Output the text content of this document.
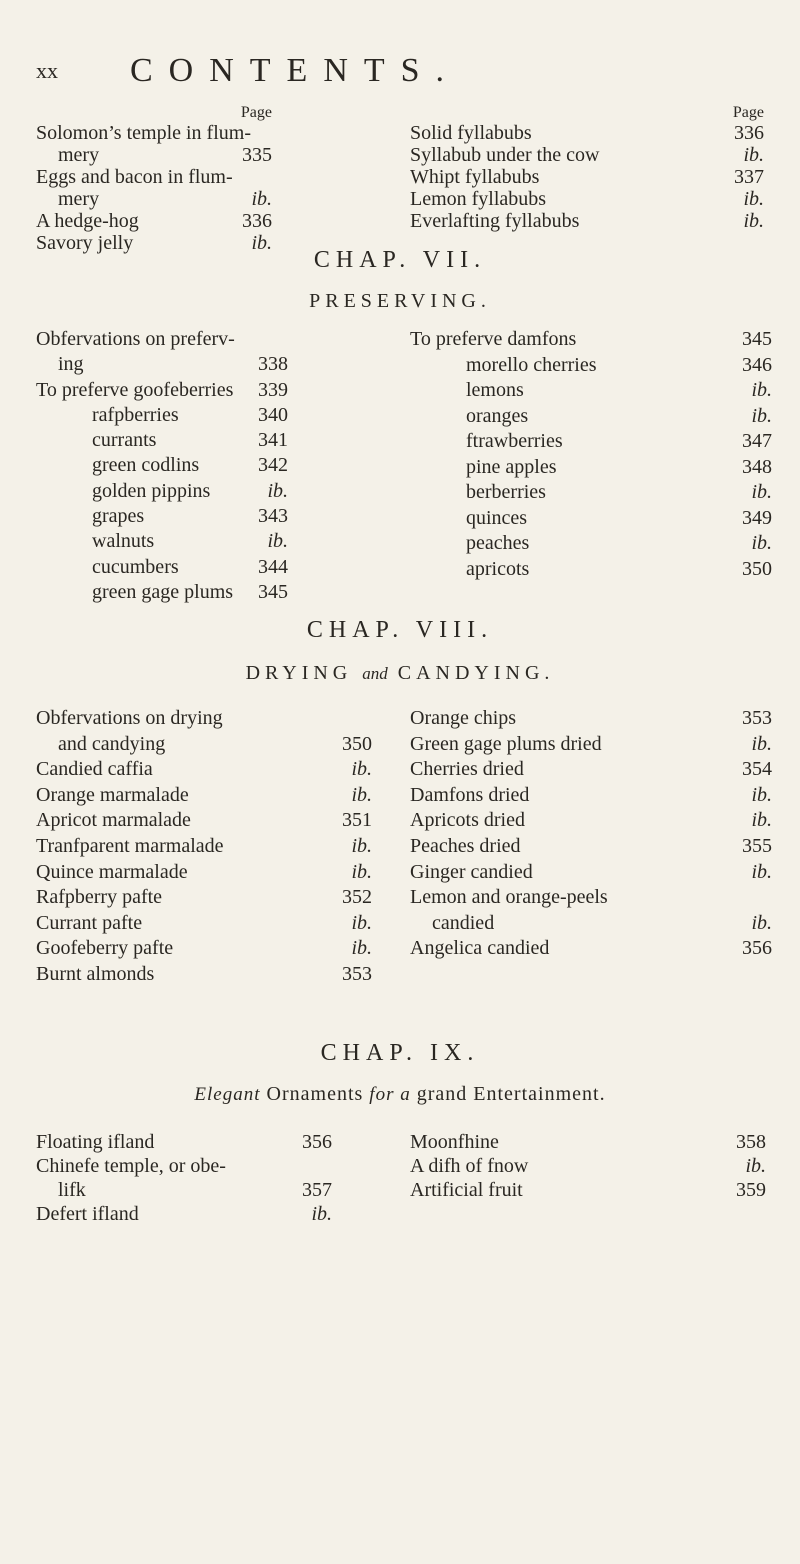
xx CONTENTS.
Page
Solomon’s temple in flum-
mery	335
Eggs and bacon in flum-
mery	ib.
A hedge-hog	336
Savory jelly	ib.
Page
Solid fyllabubs	336
Syllabub under the cow	ib.
Whipt fyllabubs	337
Lemon fyllabubs	ib.
Everlafting fyllabubs	ib.
CHAP. VII.
PRESERVING.
Obfervations on preferv-
ing	338
To preferve goofeberries 339
rafpberries	340
currants	341
green codlins	342
golden pippins	ib.
grapes	343
walnuts	ib.
cucumbers	344
green gage plums 345
To preferve damfons	345
morello cherries	346
lemons	ib.
oranges	ib.
ftrawberries	347
pine apples	348
berberries	ib.
quinces	349
peaches	ib.
apricots	350
CHAP. VIII.
DRYING and CANDYING.
Obfervations on drying
and candying	350
Candied caffia	ib.
Orange marmalade	ib.
Apricot marmalade	351
Tranfparent marmalade	ib.
Quince marmalade	ib.
Rafpberry pafte	352
Currant pafte	ib.
Goofeberry pafte	ib.
Burnt almonds	353
Orange chips	353
Green gage plums dried	ib.
Cherries dried	354
Damfons dried	ib.
Apricots dried	ib.
Peaches dried	355
Ginger candied	ib.
Lemon and orange-peels
candied	ib.
Angelica candied	356
CHAP. IX.
Elegant Ornaments for a grand Entertainment.
Floating ifland	356
Chinefe temple, or obe-
lifk	357
Defert ifland	ib.
Moonfhine	358
A difh of fnow	ib.
Artificial fruit	359
